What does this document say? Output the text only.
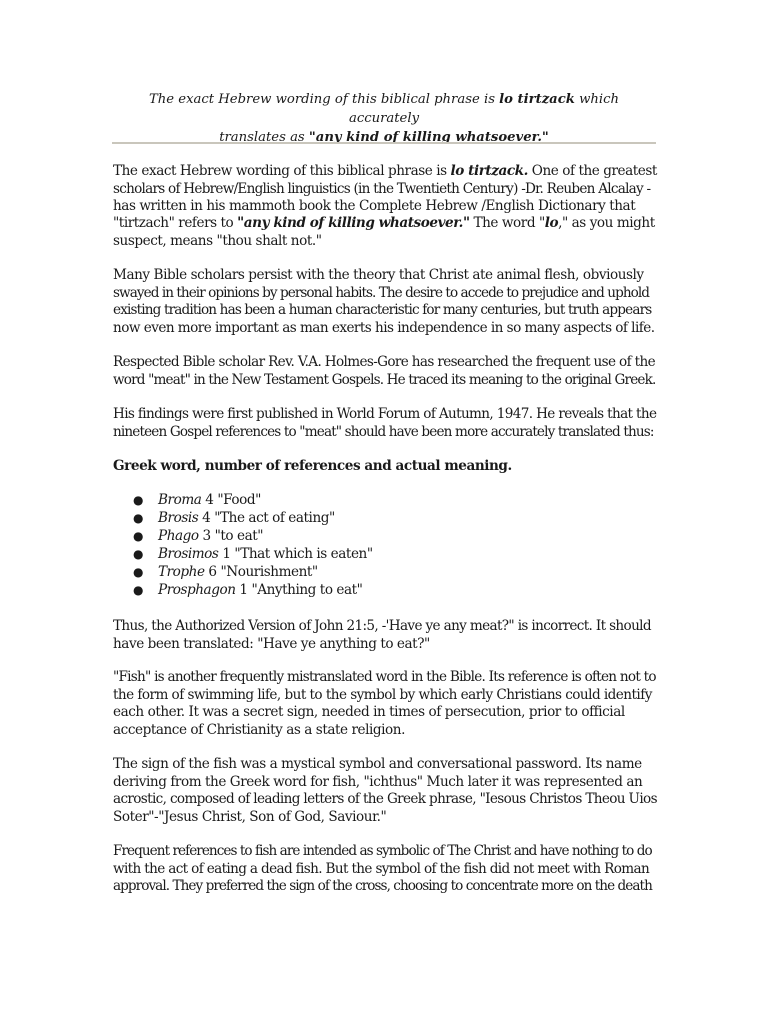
The exact Hebrew wording of this biblical phrase is lo tirtzack which accurately
translates as "any kind of killing whatsoever."
The exact Hebrew wording of this biblical phrase is lo tirtzack. One of the greatest
scholars of Hebrew/English linguistics (in the Twentieth Century) -Dr. Reuben Alcalay -
has written in his mammoth book the Complete Hebrew /English Dictionary that
"tirtzach" refers to "any kind of killing whatsoever." The word "lo," as you might
suspect, means "thou shalt not."
Many Bible scholars persist with the theory that Christ ate animal flesh, obviously
swayed in their opinions by personal habits. The desire to accede to prejudice and uphold
existing tradition has been a human characteristic for many centuries, but truth appears
now even more important as man exerts his independence in so many aspects of life.
Respected Bible scholar Rev. V.A. Holmes-Gore has researched the frequent use of the
word "meat" in the New Testament Gospels. He traced its meaning to the original Greek.
His findings were first published in World Forum of Autumn, 1947. He reveals that the
nineteen Gospel references to "meat" should have been more accurately translated thus:
Greek word, number of references and actual meaning.
● Broma 4 "Food"
● Brosis 4 "The act of eating"
● Phago 3 "to eat"
● Brosimos 1 "That which is eaten"
● Trophe 6 "Nourishment"
● Prosphagon 1 "Anything to eat"
Thus, the Authorized Version of John 21:5, -'Have ye any meat?" is incorrect. It should
have been translated: "Have ye anything to eat?"
"Fish" is another frequently mistranslated word in the Bible. Its reference is often not to
the form of swimming life, but to the symbol by which early Christians could identify
each other. It was a secret sign, needed in times of persecution, prior to official
acceptance of Christianity as a state religion.
The sign of the fish was a mystical symbol and conversational password. Its name
deriving from the Greek word for fish, "ichthus" Much later it was represented an
acrostic, composed of leading letters of the Greek phrase, "Iesous Christos Theou Uios
Soter"-"Jesus Christ, Son of God, Saviour."
Frequent references to fish are intended as symbolic of The Christ and have nothing to do
with the act of eating a dead fish. But the symbol of the fish did not meet with Roman
approval. They preferred the sign of the cross, choosing to concentrate more on the death
